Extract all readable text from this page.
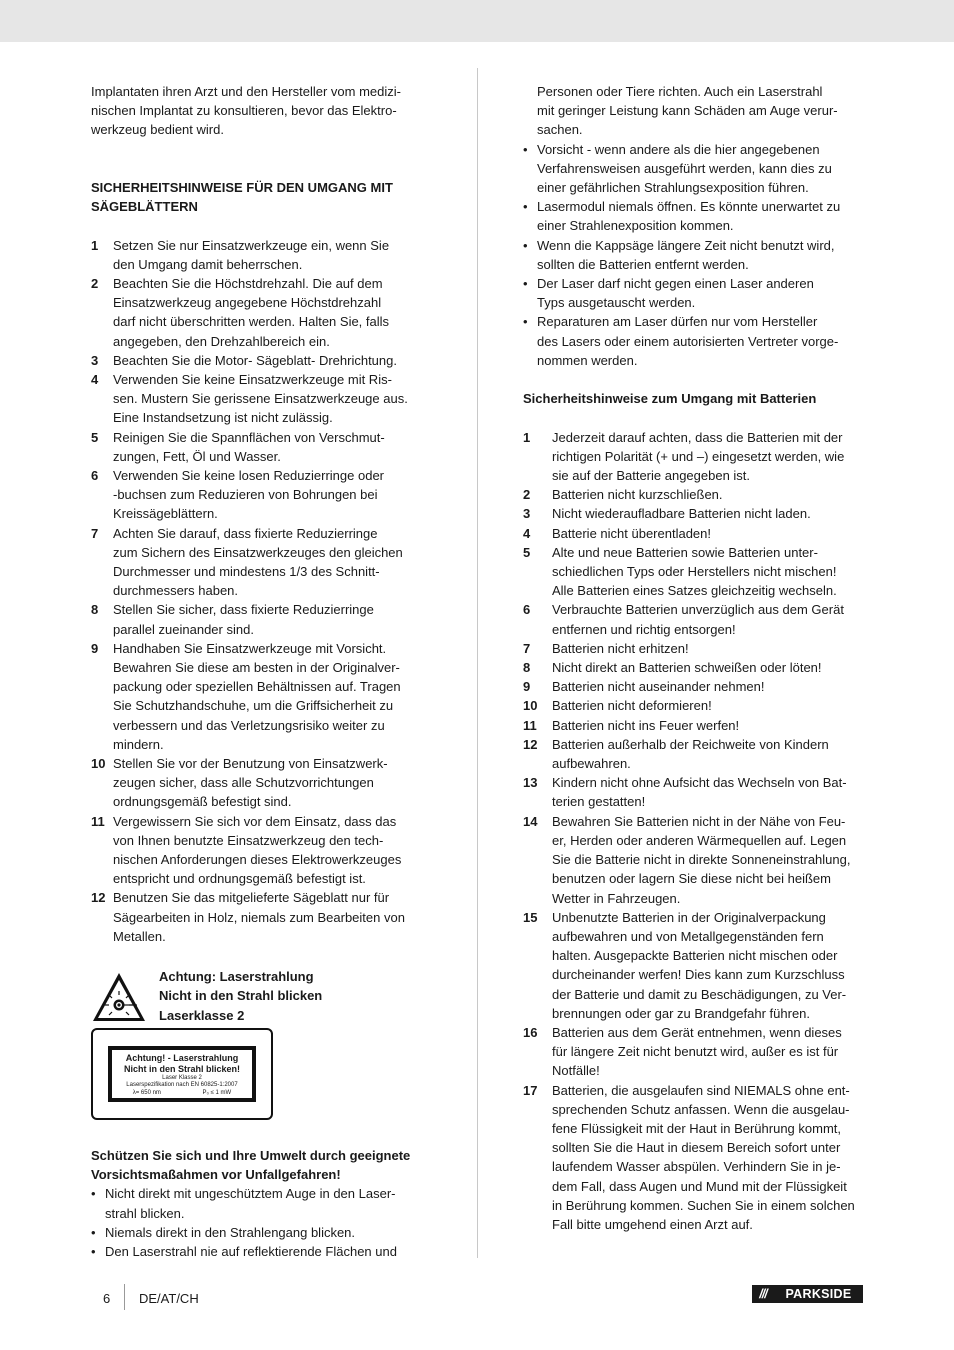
Implantaten ihren Arzt und den Hersteller vom medizi-

nischen Implantat zu konsultieren, bevor das Elektro-

werkzeug bedient wird.

SICHERHEITSHINWEISE FÜR DEN UMGANG MIT

SÄGEBLÄTTERN

1	Setzen Sie nur Einsatzwerkzeuge ein, wenn Sie
den Umgang damit beherrschen.
2	Beachten Sie die Höchstdrehzahl. Die auf dem
Einsatzwerkzeug angegebene Höchstdrehzahl
darf nicht überschritten werden. Halten Sie, falls
angegeben, den Drehzahlbereich ein.
3	Beachten Sie die Motor- Sägeblatt- Drehrichtung.
4	Verwenden Sie keine Einsatzwerkzeuge mit Ris-
sen. Mustern Sie gerissene Einsatzwerkzeuge aus.
Eine Instandsetzung ist nicht zulässig.
5	Reinigen Sie die Spannflächen von Verschmut-
zungen, Fett, Öl und Wasser.
6	Verwenden Sie keine losen Reduzierringe oder
-buchsen zum Reduzieren von Bohrungen bei
Kreissägeblättern.
7	Achten Sie darauf, dass fixierte Reduzierringe
zum Sichern des Einsatzwerkzeuges den gleichen
Durchmesser und mindestens 1/3 des Schnitt-
durchmessers haben.
8	Stellen Sie sicher, dass fixierte Reduzierringe
parallel zueinander sind.
9	Handhaben Sie Einsatzwerkzeuge mit Vorsicht.
Bewahren Sie diese am besten in der Originalver-
packung oder speziellen Behältnissen auf. Tragen
Sie Schutzhandschuhe, um die Griffsicherheit zu
verbessern und das Verletzungsrisiko weiter zu
mindern.
10 Stellen Sie vor der Benutzung von Einsatzwerk-
zeugen sicher, dass alle Schutzvorrichtungen
ordnungsgemäß befestigt sind.
11 Vergewissern Sie sich vor dem Einsatz, dass das
von Ihnen benutzte Einsatzwerkzeug den tech-
nischen Anforderungen dieses Elektrowerkzeuges
entspricht und ordnungsgemäß befestigt ist.
12 Benutzen Sie das mitgelieferte Sägeblatt nur für
Sägearbeiten in Holz, niemals zum Bearbeiten von
Metallen.

Achtung: Laserstrahlung

Nicht in den Strahl blicken

Laserklasse 2

Achtung! - Laserstrahlung
Nicht in den Strahl blicken!
Laser Klasse 2
Laserspezifikation nach EN 60825-1:2007
λ= 650 nm	P₀ ≤ 1 mW

Schützen Sie sich und Ihre Umwelt durch geeignete

Vorsichtsmaßahmen vor Unfallgefahren!

• Nicht direkt mit ungeschütztem Auge in den Laser-
strahl blicken.
• Niemals direkt in den Strahlengang blicken.
• Den Laserstrahl nie auf reflektierende Flächen und

Personen oder Tiere richten. Auch ein Laserstrahl

mit geringer Leistung kann Schäden am Auge verur-

sachen.

• Vorsicht - wenn andere als die hier angegebenen
Verfahrensweisen ausgeführt werden, kann dies zu
einer gefährlichen Strahlungsexposition führen.
• Lasermodul niemals öffnen. Es könnte unerwartet zu
einer Strahlenexposition kommen.
• Wenn die Kappsäge längere Zeit nicht benutzt wird,
sollten die Batterien entfernt werden.
• Der Laser darf nicht gegen einen Laser anderen
Typs ausgetauscht werden.
• Reparaturen am Laser dürfen nur vom Hersteller
des Lasers oder einem autorisierten Vertreter vorge-
nommen werden.
Sicherheitshinweise zum Umgang mit Batterien
1	Jederzeit darauf achten, dass die Batterien mit der
richtigen Polarität (+ und –) eingesetzt werden, wie
sie auf der Batterie angegeben ist.
2	Batterien nicht kurzschließen.
3	Nicht wiederaufladbare Batterien nicht laden.
4	Batterie nicht überentladen!
5	Alte und neue Batterien sowie Batterien unter-
schiedlichen Typs oder Herstellers nicht mischen!
Alle Batterien eines Satzes gleichzeitig wechseln.
6	Verbrauchte Batterien unverzüglich aus dem Gerät
entfernen und richtig entsorgen!
7	Batterien nicht erhitzen!
8	Nicht direkt an Batterien schweißen oder löten!
9	Batterien nicht auseinander nehmen!
10	Batterien nicht deformieren!
11	Batterien nicht ins Feuer werfen!
12	Batterien außerhalb der Reichweite von Kindern
aufbewahren.
13	Kindern nicht ohne Aufsicht das Wechseln von Bat-
terien gestatten!
14	Bewahren Sie Batterien nicht in der Nähe von Feu-
er, Herden oder anderen Wärmequellen auf. Legen
Sie die Batterie nicht in direkte Sonneneinstrahlung,
benutzen oder lagern Sie diese nicht bei heißem
Wetter in Fahrzeugen.
15	Unbenutzte Batterien in der Originalverpackung
aufbewahren und von Metallgegenständen fern
halten. Ausgepackte Batterien nicht mischen oder
durcheinander werfen! Dies kann zum Kurzschluss
der Batterie und damit zu Beschädigungen, zu Ver-
brennungen oder gar zu Brandgefahr führen.
16	Batterien aus dem Gerät entnehmen, wenn dieses
für längere Zeit nicht benutzt wird, außer es ist für
Notfälle!
17	Batterien, die ausgelaufen sind NIEMALS ohne ent-
sprechenden Schutz anfassen. Wenn die ausgelau-
fene Flüssigkeit mit der Haut in Berührung kommt,
sollten Sie die Haut in diesem Bereich sofort unter
laufendem Wasser abspülen. Verhindern Sie in je-
dem Fall, dass Augen und Mund mit der Flüssigkeit
in Berührung kommen. Suchen Sie in einem solchen
Fall bitte umgehend einen Arzt auf.
6 DE/AT/CH	///	PARKSIDE
